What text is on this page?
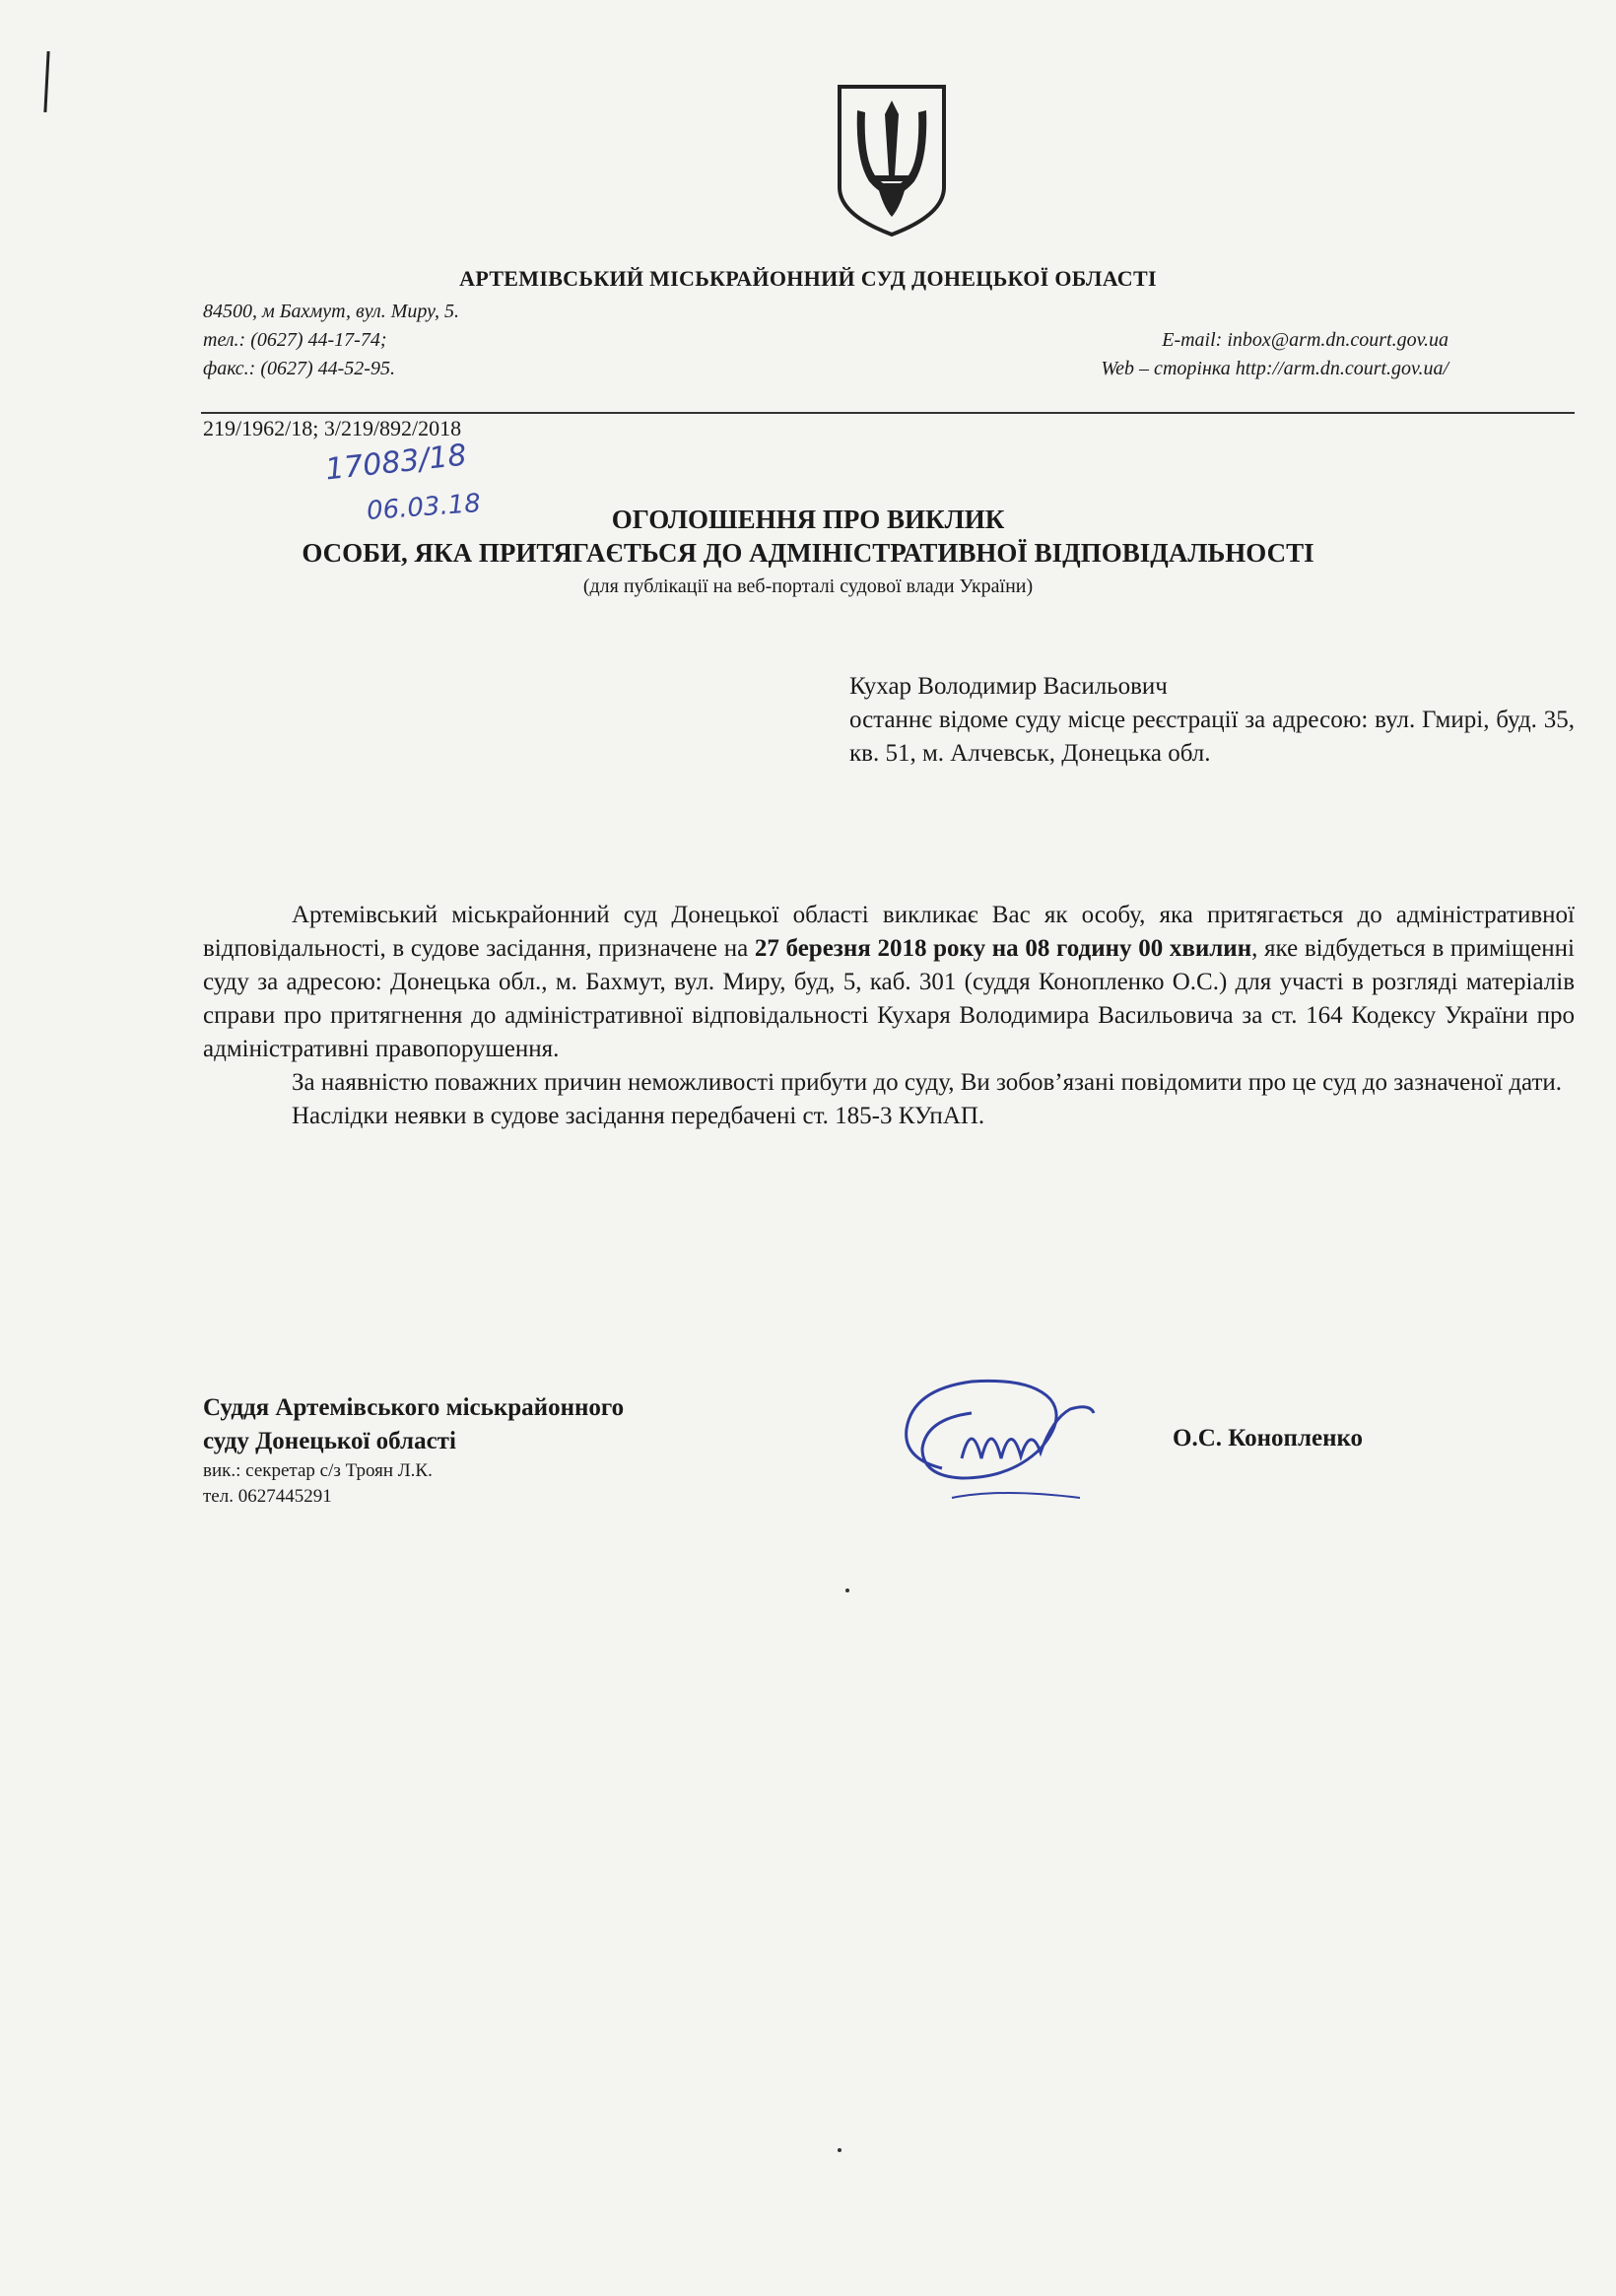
АРТЕМІВСЬКИЙ МІСЬКРАЙОННИЙ СУД ДОНЕЦЬКОЇ ОБЛАСТІ
84500, м Бахмут, вул. Миру, 5.
тел.: (0627) 44-17-74;	E-mail: inbox@arm.dn.court.gov.ua
факс.: (0627) 44-52-95.	Web – сторінка http://arm.dn.court.gov.ua/
219/1962/18; 3/219/892/2018
17083/18
06.03.18	ОГОЛОШЕННЯ ПРО ВИКЛИК
ОСОБИ, ЯКА ПРИТЯГАЄТЬСЯ ДО АДМІНІСТРАТИВНОЇ ВІДПОВІДАЛЬНОСТІ
(для публікації на веб-порталі судової влади України)

Кухар Володимир Васильович

останнє відоме суду місце реєстрації за адресою: вул. Гмирі, буд. 35, кв. 51, м. Алчевськ, Донецька обл.

Артемівський міськрайонний суд Донецької області викликає Вас як особу, яка притягається до адміністративної відповідальності, в судове засідання, призначене на 27 березня 2018 року на 08 годину 00 хвилин, яке відбудеться в приміщенні суду за адресою: Донецька обл., м. Бахмут, вул. Миру, буд, 5, каб. 301 (суддя Конопленко О.С.) для участі в розгляді матеріалів справи про притягнення до адміністративної відповідальності Кухаря Володимира Васильовича за ст. 164 Кодексу України про адміністративні правопорушення.

За наявністю поважних причин неможливості прибути до суду, Ви зобов’язані повідомити про це суд до зазначеної дати.

Наслідки неявки в судове засідання передбачені ст. 185-3 КУпАП.

Суддя Артемівського міськрайонного
суду Донецької області
вик.: секретар с/з Троян Л.К.
тел. 0627445291
О.С. Конопленко
